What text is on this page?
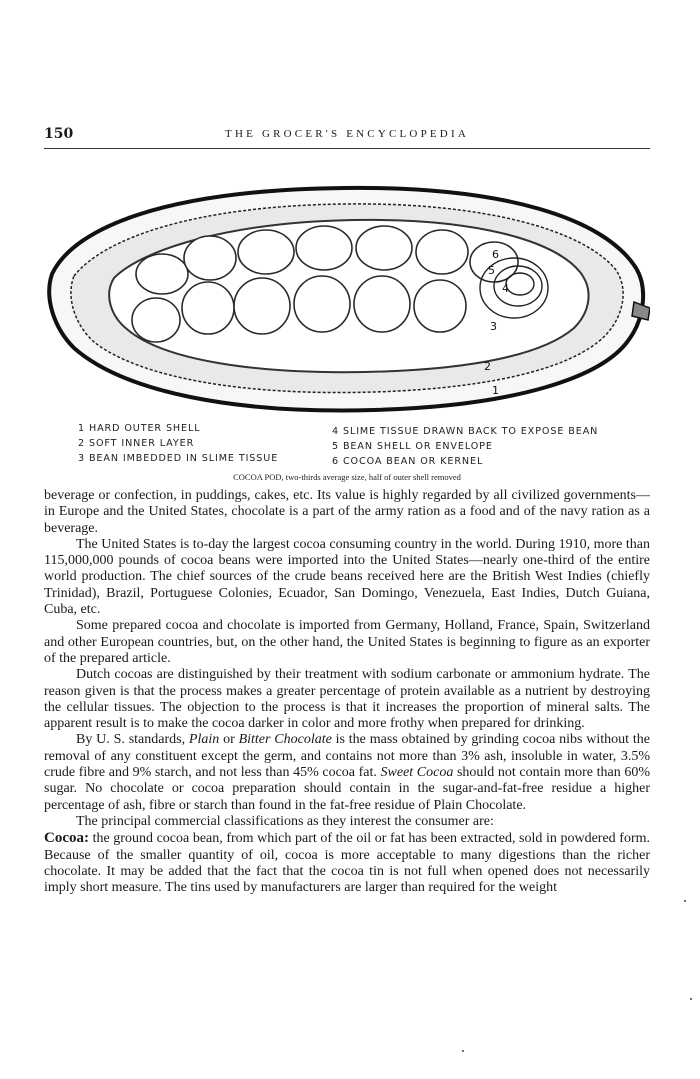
150	THE GROCER'S ENCYCLOPEDIA
1
2
3
4
5
6
1 HARD OUTER SHELL
2 SOFT INNER LAYER
3 BEAN IMBEDDED IN SLIME TISSUE
4 SLIME TISSUE DRAWN BACK TO EXPOSE BEAN
5 BEAN SHELL OR ENVELOPE
6 COCOA BEAN OR KERNEL
COCOA POD, two-thirds average size, half of outer shell removed

beverage or confection, in puddings, cakes, etc. Its value is highly regarded by all civilized governments—in Europe and the United States, chocolate is a part of the army ration as a food and of the navy ration as a beverage.

The United States is to-day the largest cocoa consuming country in the world. During 1910, more than 115,000,000 pounds of cocoa beans were imported into the United States—nearly one-third of the entire world production. The chief sources of the crude beans received here are the British West Indies (chiefly Trinidad), Brazil, Portuguese Colonies, Ecuador, San Domingo, Venezuela, East Indies, Dutch Guiana, Cuba, etc.

Some prepared cocoa and chocolate is imported from Germany, Holland, France, Spain, Switzerland and other European countries, but, on the other hand, the United States is beginning to figure as an exporter of the prepared article.

Dutch cocoas are distinguished by their treatment with sodium carbonate or ammonium hydrate. The reason given is that the process makes a greater percentage of protein available as a nutrient by destroying the cellular tissues. The objection to the process is that it increases the proportion of mineral salts. The apparent result is to make the cocoa darker in color and more frothy when prepared for drinking.

By U. S. standards, Plain or Bitter Chocolate is the mass obtained by grinding cocoa nibs without the removal of any constituent except the germ, and contains not more than 3% ash, insoluble in water, 3.5% crude fibre and 9% starch, and not less than 45% cocoa fat. Sweet Cocoa should not contain more than 60% sugar. No chocolate or cocoa preparation should contain in the sugar-and-fat-free residue a higher percentage of ash, fibre or starch than found in the fat-free residue of Plain Chocolate.

The principal commercial classifications as they interest the consumer are:

Cocoa: the ground cocoa bean, from which part of the oil or fat has been extracted, sold in powdered form. Because of the smaller quantity of oil, cocoa is more acceptable to many digestions than the richer chocolate. It may be added that the fact that the cocoa tin is not full when opened does not necessarily imply short measure. The tins used by manufacturers are larger than required for the weight
